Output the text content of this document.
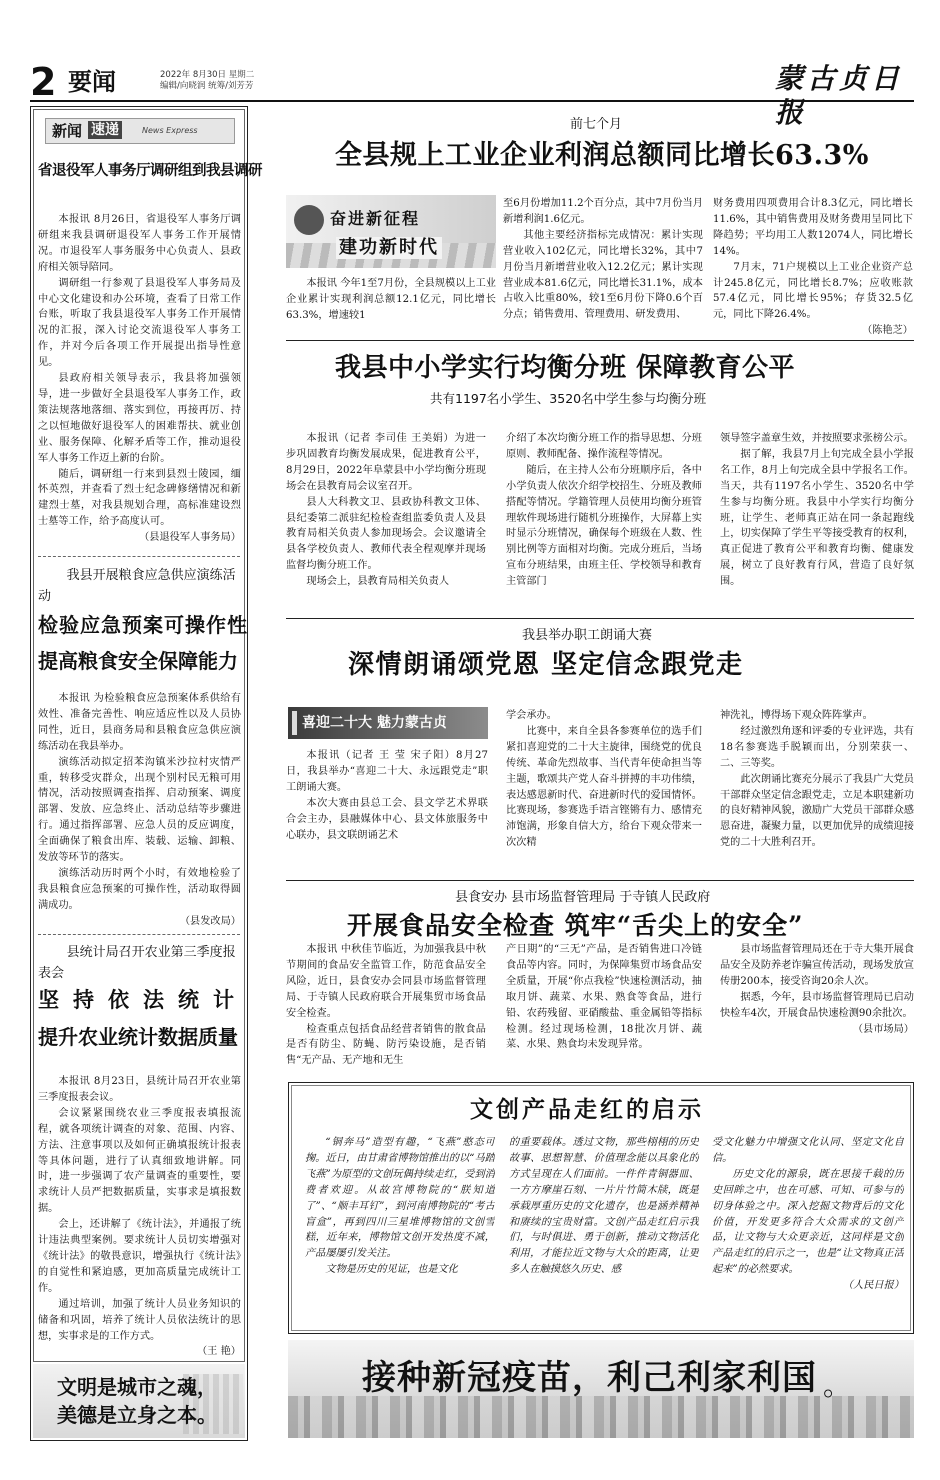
2 要闻	2022年 8月30日 星期二
编辑/向晓润 统筹/刘芳芳	蒙古贞日报
新闻 速递	News Express
省退役军人事务厅调研组到我县调研

本报讯 8月26日，省退役军人事务厅调研组来我县调研退役军人事务工作开展情况。市退役军人事务服务中心负责人、县政府相关领导陪同。

调研组一行参观了县退役军人事务局及中心文化建设和办公环境，查看了日常工作台账，听取了我县退役军人事务工作开展情况的汇报，深入讨论交流退役军人事务工作，并对今后各项工作开展提出指导性意见。

县政府相关领导表示，我县将加强领导，进一步做好全县退役军人事务工作，政策法规落地落细、落实到位，再接再厉、持之以恒地做好退役军人的困难帮扶、就业创业、服务保障、化解矛盾等工作，推动退役军人事务工作迈上新的台阶。

随后，调研组一行来到县烈士陵园，缅怀英烈，并查看了烈士纪念碑修缮情况和新建烈士墓，对我县规划合理，高标准建设烈士墓等工作，给予高度认可。

（县退役军人事务局）

我县开展粮食应急供应演练活动
检验应急预案可操作性
提高粮食安全保障能力

本报讯 为检验粮食应急预案体系供给有效性、准备完善性、响应适应性以及人员协同性，近日，县商务局和县粮食应急供应演练活动在我县举办。

演练活动拟定招苯沟镇米沙拉村灾情严重，转移受灾群众，出现个别村民无粮可用情况，活动按照调查指挥、启动预案、调度部署、发放、应急终止、活动总结等步骤进行。通过指挥部署、应急人员的反应调度，全面确保了粮食出库、装载、运输、卸粮、发放等环节的落实。

演练活动历时两个小时，有效地检验了我县粮食应急预案的可操作性，活动取得圆满成功。

（县发改局）

县统计局召开农业第三季度报表会
坚持依法统计
提升农业统计数据质量

本报讯 8月23日，县统计局召开农业第三季度报表会议。

会议紧紧围绕农业三季度报表填报流程，就各项统计调查的对象、范围、内容、方法、注意事项以及如何正确填报统计报表等具体问题，进行了认真细致地讲解。同时，进一步强调了农产量调查的重要性，要求统计人员严把数据质量，实事求是填报数据。

会上，还讲解了《统计法》，并通报了统计违法典型案例。要求统计人员切实增强对《统计法》的敬畏意识，增强执行《统计法》的自觉性和紧迫感，更加高质量完成统计工作。

通过培训，加强了统计人员业务知识的储备和巩固，培养了统计人员依法统计的思想，实事求是的工作方式。

（王 艳）

文明是城市之魂，
美德是立身之本。
前七个月
全县规上工业企业利润总额同比增长63.3%
奋进新征程
建功新时代

本报讯 今年1至7月份，全县规模以上工业企业累计实现利润总额12.1亿元，同比增长63.3%，增速较1

至6月份增加11.2个百分点，其中7月份当月新增利润1.6亿元。

其他主要经济指标完成情况：累计实现营业收入102亿元，同比增长32%，其中7月份当月新增营业收入12.2亿元；累计实现营业成本81.6亿元，同比增长31.1%，成本占收入比重80%，较1至6月份下降0.6个百分点；销售费用、管理费用、研发费用、

财务费用四项费用合计8.3亿元，同比增长11.6%，其中销售费用及财务费用呈同比下降趋势；平均用工人数12074人，同比增长14%。

7月末，71户规模以上工业企业资产总计245.8亿元，同比增长8.7%；应收账款57.4亿元，同比增长95%；存货32.5亿元，同比下降26.4%。

（陈艳芝）

我县中小学实行均衡分班 保障教育公平
共有1197名小学生、3520名中学生参与均衡分班

本报讯（记者 李司佳 王美娟）为进一步巩固教育均衡发展成果，促进教育公平，8月29日，2022年阜蒙县中小学均衡分班现场会在县教育局会议室召开。

县人大科教文卫、县政协科教文卫体、县纪委第二派驻纪检检查组监委负责人及县教育局相关负责人参加现场会。会议邀请全县各学校负责人、教师代表全程观摩并现场监督均衡分班工作。

现场会上，县教育局相关负责人

介绍了本次均衡分班工作的指导思想、分班原则、教师配备、操作流程等情况。

随后，在主持人公布分班顺序后，各中小学负责人依次介绍学校招生、分班及教师搭配等情况。学籍管理人员使用均衡分班管理软件现场进行随机分班操作，大屏幕上实时显示分班情况，确保每个班级在人数、性别比例等方面相对均衡。完成分班后，当场宣布分班结果，由班主任、学校领导和教育主管部门

领导签字盖章生效，并按照要求张榜公示。

据了解，我县7月上旬完成全县小学报名工作，8月上旬完成全县中学报名工作。当天，共有1197名小学生、3520名中学生参与均衡分班。我县中小学实行均衡分班，让学生、老师真正站在同一条起跑线上，切实保障了学生平等接受教育的权利，真正促进了教育公平和教育均衡、健康发展，树立了良好教育行风，营造了良好氛围。

我县举办职工朗诵大赛
深情朗诵颂党恩 坚定信念跟党走
喜迎二十大 魅力蒙古贞

本报讯（记者 王 莹 宋子阳）8月27日，我县举办“喜迎二十大、永远跟党走”职工朗诵大赛。

本次大赛由县总工会、县文学艺术界联合会主办，县融媒体中心、县文体旅服务中心联办，县文联朗诵艺术

学会承办。

比赛中，来自全县各参赛单位的选手们紧扣喜迎党的二十大主旋律，围绕党的优良传统、革命先烈故事、当代青年使命担当等主题，歌颂共产党人奋斗拼搏的丰功伟绩，表达感恩新时代、奋进新时代的爱国情怀。比赛现场，参赛选手语言铿锵有力、感情充沛饱满，形象自信大方，给台下观众带来一次次精

神洗礼，博得场下观众阵阵掌声。

经过激烈角逐和评委的专业评选，共有18名参赛选手脱颖而出，分别荣获一、二、三等奖。

此次朗诵比赛充分展示了我县广大党员干部群众坚定信念跟党走，立足本职建新功的良好精神风貌，激励广大党员干部群众感恩奋进，凝聚力量，以更加优异的成绩迎接党的二十大胜利召开。

县食安办 县市场监督管理局 于寺镇人民政府
开展食品安全检查 筑牢“舌尖上的安全”

本报讯 中秋佳节临近，为加强我县中秋节期间的食品安全监管工作，防范食品安全风险，近日，县食安办会同县市场监督管理局、于寺镇人民政府联合开展集贸市场食品安全检查。

检查重点包括食品经营者销售的散食品是否有防尘、防蝇、防污染设施，是否销售“无产品、无产地和无生

产日期”的“三无”产品，是否销售进口冷链食品等内容。同时，为保障集贸市场食品安全质量，开展“你点我检”快速检测活动，抽取月饼、蔬菜、水果、熟食等食品，进行铅、农药残留、亚硝酸盐、重金属铅等指标检测。经过现场检测，18批次月饼、蔬菜、水果、熟食均未发现异常。

县市场监督管理局还在于寺大集开展食品安全及防养老诈骗宣传活动，现场发放宣传册200本，接受咨询20余人次。

据悉，今年，县市场监督管理局已启动快检车4次，开展食品快速检测90余批次。

（县市场局）

文创产品走红的启示

“铜奔马”造型有趣，“飞燕”憨态可掬。近日，由甘肃省博物馆推出的以“马踏飞燕”为原型的文创玩偶持续走红，受到消费者欢迎。从故宫博物院的“朕知道了”、“顺丰耳钉”，到河南博物院的“考古盲盒”，再到四川三星堆博物馆的文创雪糕，近年来，博物馆文创开发热度不减，产品屡屡引发关注。

文物是历史的见证，也是文化

的重要载体。透过文物，那些栩栩的历史故事、思想智慧、价值理念能以具象化的方式呈现在人们面前。一件件青铜器皿、一方方摩崖石刻、一片片竹简木牍，既是承载厚重历史的文化遗存，也是涵养精神和赓续的宝贵财富。文创产品走红启示我们，与时俱进、勇于创新，推动文物活化利用，才能拉近文物与大众的距离，让更多人在触摸悠久历史、感

受文化魅力中增强文化认同、坚定文化自信。

历史文化的源泉，既在思接千载的历史回眸之中，也在可感、可知、可参与的切身体验之中。深入挖掘文物背后的文化价值，开发更多符合大众需求的文创产品，让文物与大众更亲近，这同样是文创产品走红的启示之一，也是“让文物真正活起来”的必然要求。

（人民日报）

接种新冠疫苗，利己利家利国 。
